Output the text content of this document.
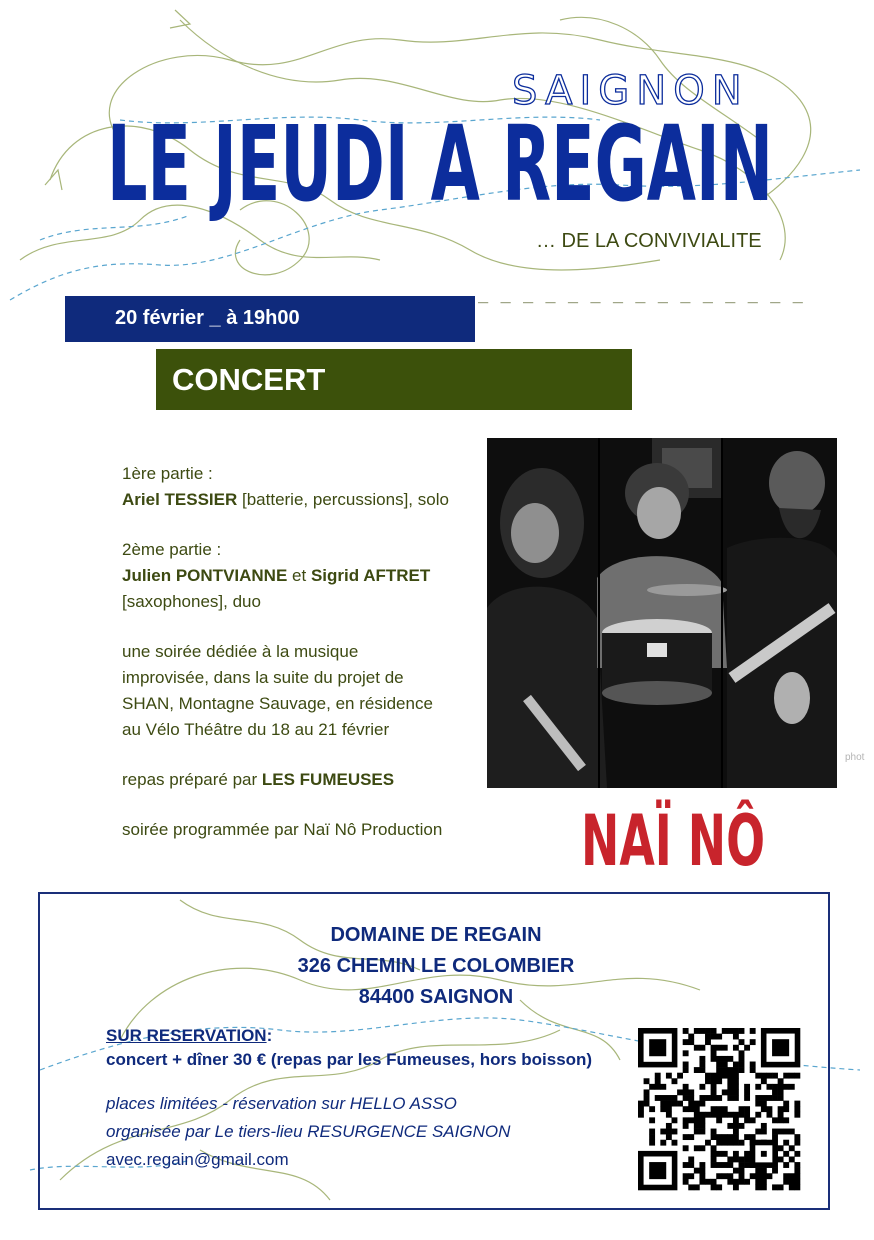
SAIGNON
LE JEUDI A REGAIN
… DE LA CONVIVIALITE
_ _ _ _ _ _ _ _ _ _ _ _ _ _ _
20 février _ à 19h00
CONCERT

1ère partie :
Ariel TESSIER [batterie, percussions], solo

2ème partie :
Julien PONTVIANNE et Sigrid AFTRET
[saxophones], duo

une soirée dédiée à la musique
improvisée, dans la suite du projet de
SHAN, Montagne Sauvage, en résidence
au Vélo Théâtre du 18 au 21 février

repas préparé par LES FUMEUSES

soirée programmée par Naï Nô Production

phot
NAÏ NÔ
DOMAINE DE REGAIN
326 CHEMIN LE COLOMBIER
84400 SAIGNON
SUR RESERVATION:
concert + dîner 30 € (repas par les Fumeuses, hors boisson)
places limitées - réservation sur HELLO ASSO
organisée par Le tiers-lieu RESURGENCE SAIGNON
avec.regain@gmail.com
